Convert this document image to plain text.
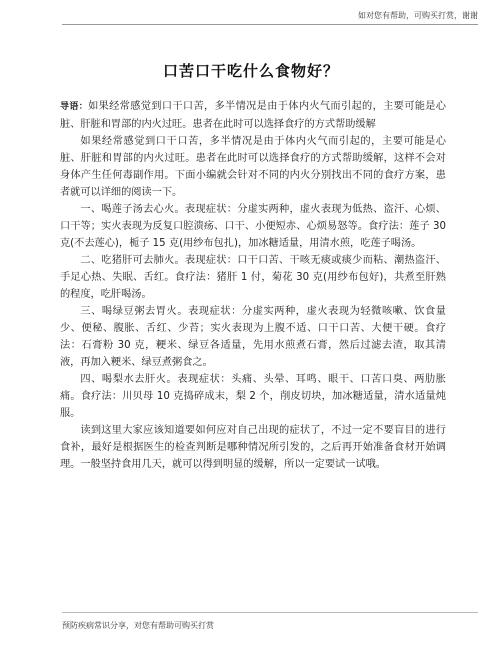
如对您有帮助，可购买打赏，谢谢
口苦口干吃什么食物好？

导语：如果经常感觉到口干口苦，多半情况是由于体内火气而引起的，主要可能是心脏、肝脏和胃部的内火过旺。患者在此时可以选择食疗的方式帮助缓解

如果经常感觉到口干口苦，多半情况是由于体内火气而引起的，主要可能是心脏、肝脏和胃部的内火过旺。患者在此时可以选择食疗的方式帮助缓解，这样不会对身体产生任何毒副作用。下面小编就会针对不同的内火分别找出不同的食疗方案，患者就可以详细的阅读一下。

一、喝莲子汤去心火。表现症状：分虚实两种，虚火表现为低热、盗汗、心烦、口干等；实火表现为反复口腔溃疡、口干、小便短赤、心烦易怒等。食疗法：莲子 30 克(不去莲心)，栀子 15 克(用纱布包扎)，加冰糖适量，用清水煎，吃莲子喝汤。

二、吃猪肝可去肺火。表现症状：口干口苦、干咳无痰或痰少而粘、潮热盗汗、手足心热、失眠、舌红。食疗法：猪肝 1 付，菊花 30 克(用纱布包好)，共煮至肝熟的程度，吃肝喝汤。

三、喝绿豆粥去胃火。表现症状：分虚实两种，虚火表现为轻微咳嗽、饮食量少、便秘、腹胀、舌红、少苔；实火表现为上腹不适、口干口苦、大便干硬。食疗法：石膏粉 30 克，粳米、绿豆各适量，先用水煎煮石膏，然后过滤去渣，取其清液，再加入粳米、绿豆煮粥食之。

四、喝梨水去肝火。表现症状：头痛、头晕、耳鸣、眼干、口苦口臭、两肋胀痛。食疗法：川贝母 10 克捣碎成末，梨 2 个，削皮切块，加冰糖适量，清水适量炖服。

读到这里大家应该知道要如何应对自己出现的症状了，不过一定不要盲目的进行食补，最好是根据医生的检查判断是哪种情况所引发的，之后再开始准备食材开始调理。一般坚持食用几天，就可以得到明显的缓解，所以一定要试一试哦。

预防疾病常识分享，对您有帮助可购买打赏
